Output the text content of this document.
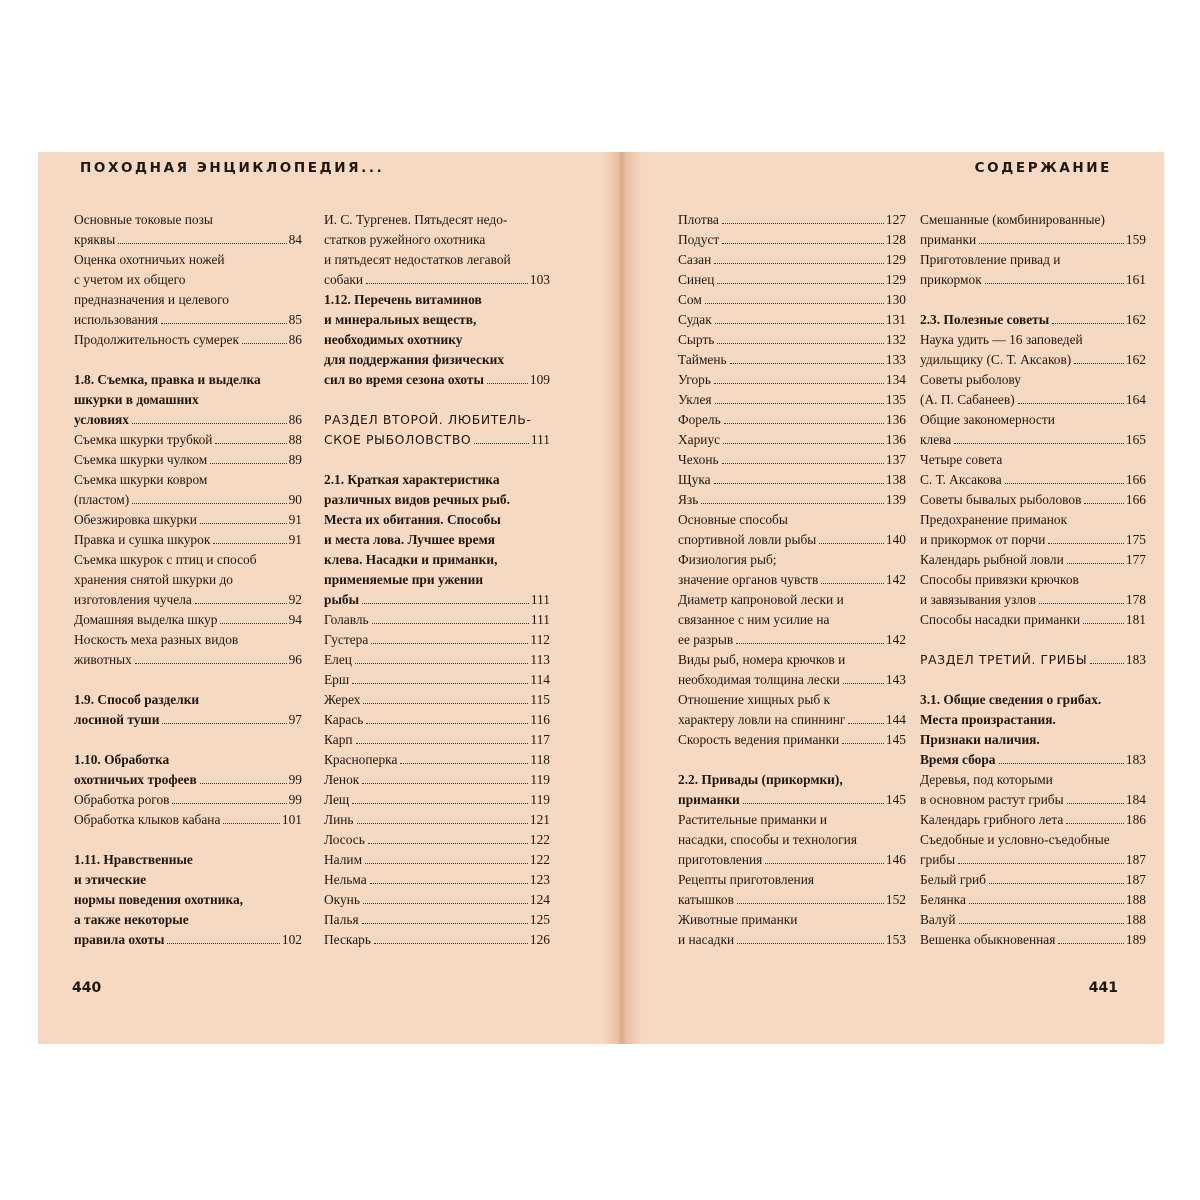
ПОХОДНАЯ ЭНЦИКЛОПЕДИЯ...
Основные токовые позы
кряквы	84
Оценка охотничьих ножей
с учетом их общего
предназначения и целевого
использования	85
Продолжительность сумерек	86
1.8. Съемка, правка и выделка
шкурки в домашних
условиях	86
Съемка шкурки трубкой	88
Съемка шкурки чулком	89
Съемка шкурки ковром
(пластом)	90
Обезжировка шкурки	91
Правка и сушка шкурок	91
Съемка шкурок с птиц и способ
хранения снятой шкурки до
изготовления чучела	92
Домашняя выделка шкур	94
Носкость меха разных видов
животных	96
1.9. Способ разделки
лосиной туши	97
1.10. Обработка
охотничьих трофеев	99
Обработка рогов	99
Обработка клыков кабана	101
1.11. Нравственные
и этические
нормы поведения охотника,
а также некоторые
правила охоты	102
И. С. Тургенев. Пятьдесят недо-
статков ружейного охотника
и пятьдесят недостатков легавой
собаки	103
1.12. Перечень витаминов
и минеральных веществ,
необходимых охотнику
для поддержания физических
сил во время сезона охоты	109
РАЗДЕЛ ВТОРОЙ. ЛЮБИТЕЛЬ-
СКОЕ РЫБОЛОВСТВО	111
2.1. Краткая характеристика
различных видов речных рыб.
Места их обитания. Способы
и места лова. Лучшее время
клева. Насадки и приманки,
применяемые при ужении
рыбы	111
Голавль	111
Густера	112
Елец	113
Ерш	114
Жерех	115
Карась	116
Карп	117
Красноперка	118
Ленок	119
Лещ	119
Линь	121
Лосось	122
Налим	122
Нельма	123
Окунь	124
Палья	125
Пескарь	126
440
СОДЕРЖАНИЕ
Плотва	127
Подуст	128
Сазан	129
Синец	129
Сом	130
Судак	131
Сырть	132
Таймень	133
Угорь	134
Уклея	135
Форель	136
Хариус	136
Чехонь	137
Щука	138
Язь	139
Основные способы
спортивной ловли рыбы	140
Физиология рыб;
значение органов чувств	142
Диаметр капроновой лески и
связанное с ним усилие на
ее разрыв	142
Виды рыб, номера крючков и
необходимая толщина лески	143
Отношение хищных рыб к
характеру ловли на спиннинг	144
Скорость ведения приманки	145
2.2. Привады (прикормки),
приманки	145
Растительные приманки и
насадки, способы и технология
приготовления	146
Рецепты приготовления
катышков	152
Животные приманки
и насадки	153
Смешанные (комбинированные)
приманки	159
Приготовление привад и
прикормок	161
2.3. Полезные советы	162
Наука удить — 16 заповедей
удильщику (С. Т. Аксаков)	162
Советы рыболову
(А. П. Сабанеев)	164
Общие закономерности
клева	165
Четыре совета
С. Т. Аксакова	166
Советы бывалых рыболовов	166
Предохранение приманок
и прикормок от порчи	175
Календарь рыбной ловли	177
Способы привязки крючков
и завязывания узлов	178
Способы насадки приманки	181
РАЗДЕЛ ТРЕТИЙ. ГРИБЫ	183
3.1. Общие сведения о грибах.
Места произрастания.
Признаки наличия.
Время сбора	183
Деревья, под которыми
в основном растут грибы	184
Календарь грибного лета	186
Съедобные и условно-съедобные
грибы	187
Белый гриб	187
Белянка	188
Валуй	188
Вешенка обыкновенная	189
441
